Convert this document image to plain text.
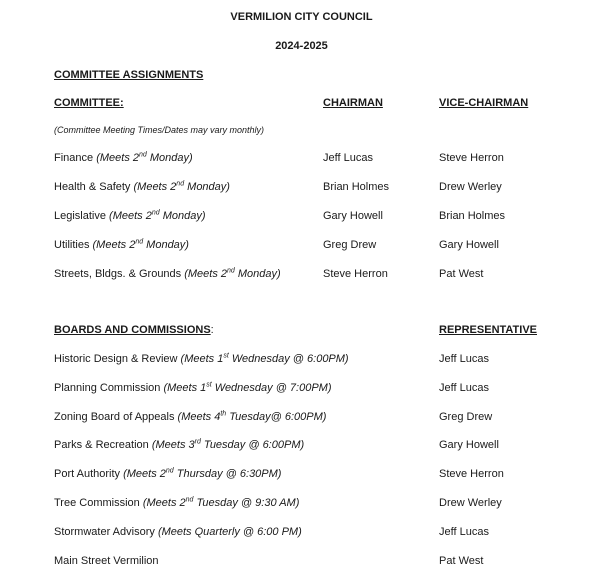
VERMILION CITY COUNCIL
2024-2025
COMMITTEE ASSIGNMENTS
COMMITTEE:	CHAIRMAN	VICE-CHAIRMAN
(Committee Meeting Times/Dates may vary monthly)
Finance (Meets 2nd Monday)	Jeff Lucas	Steve Herron
Health & Safety (Meets 2nd Monday)	Brian Holmes	Drew Werley
Legislative (Meets 2nd Monday)	Gary Howell	Brian Holmes
Utilities (Meets 2nd Monday)	Greg Drew	Gary Howell
Streets, Bldgs. & Grounds (Meets 2nd Monday)	Steve Herron	Pat West
BOARDS AND COMMISSIONS:	REPRESENTATIVE
Historic Design & Review (Meets 1st Wednesday @ 6:00PM)	Jeff Lucas
Planning Commission (Meets 1st Wednesday @ 7:00PM)	Jeff Lucas
Zoning Board of Appeals (Meets 4th Tuesday@ 6:00PM)	Greg Drew
Parks & Recreation (Meets 3rd Tuesday @ 6:00PM)	Gary Howell
Port Authority (Meets 2nd Thursday @ 6:30PM)	Steve Herron
Tree Commission (Meets 2nd Tuesday @ 9:30 AM)	Drew Werley
Stormwater Advisory (Meets Quarterly @ 6:00 PM)	Jeff Lucas
Main Street Vermilion	Pat West
